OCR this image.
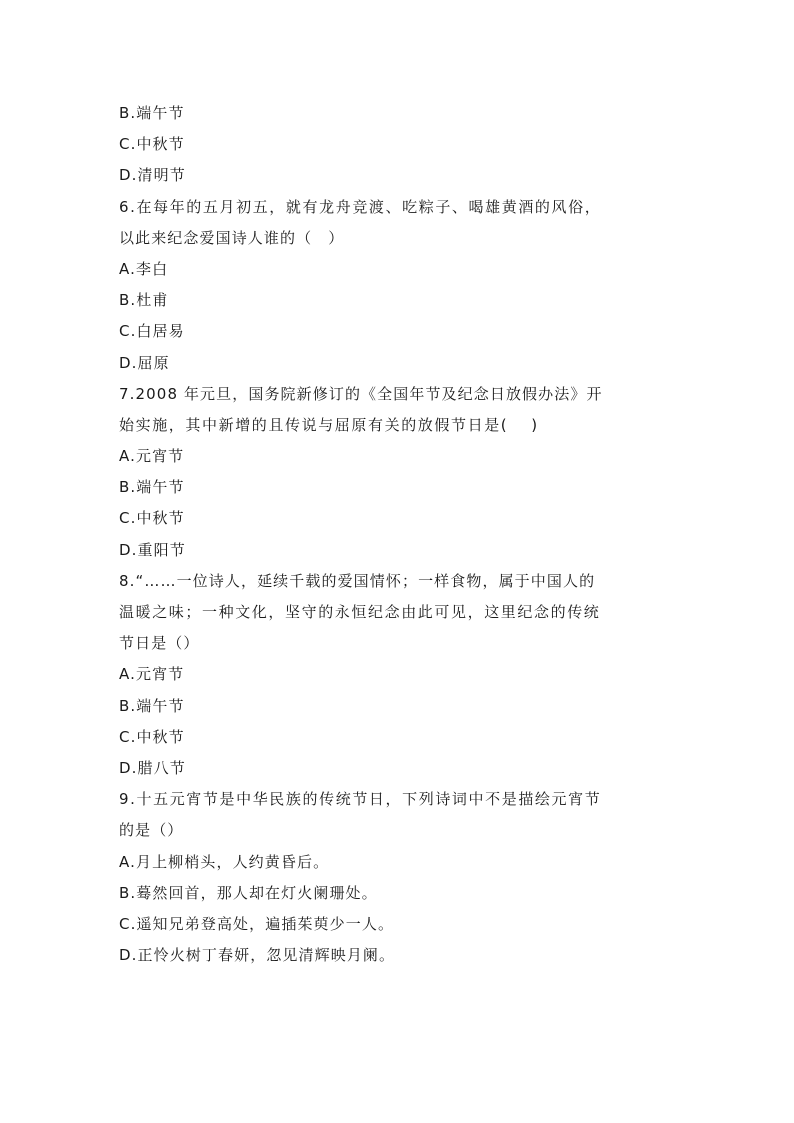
B.端午节
C.中秋节
D.清明节
6.在每年的五月初五，就有龙舟竞渡、吃粽子、喝雄黄酒的风俗，
以此来纪念爱国诗人谁的（　）
A.李白
B.杜甫
C.白居易
D.屈原
7.2008 年元旦，国务院新修订的《全国年节及纪念日放假办法》开
始实施，其中新增的且传说与屈原有关的放假节日是(　 )
A.元宵节
B.端午节
C.中秋节
D.重阳节
8.“……一位诗人，延续千载的爱国情怀；一样食物，属于中国人的
温暖之味；一种文化，坚守的永恒纪念由此可见，这里纪念的传统
节日是（）
A.元宵节
B.端午节
C.中秋节
D.腊八节
9.十五元宵节是中华民族的传统节日，下列诗词中不是描绘元宵节
的是（）
A.月上柳梢头，人约黄昏后。
B.蓦然回首，那人却在灯火阑珊处。
C.遥知兄弟登高处，遍插茱萸少一人。
D.正怜火树丁春妍，忽见清辉映月阑。
